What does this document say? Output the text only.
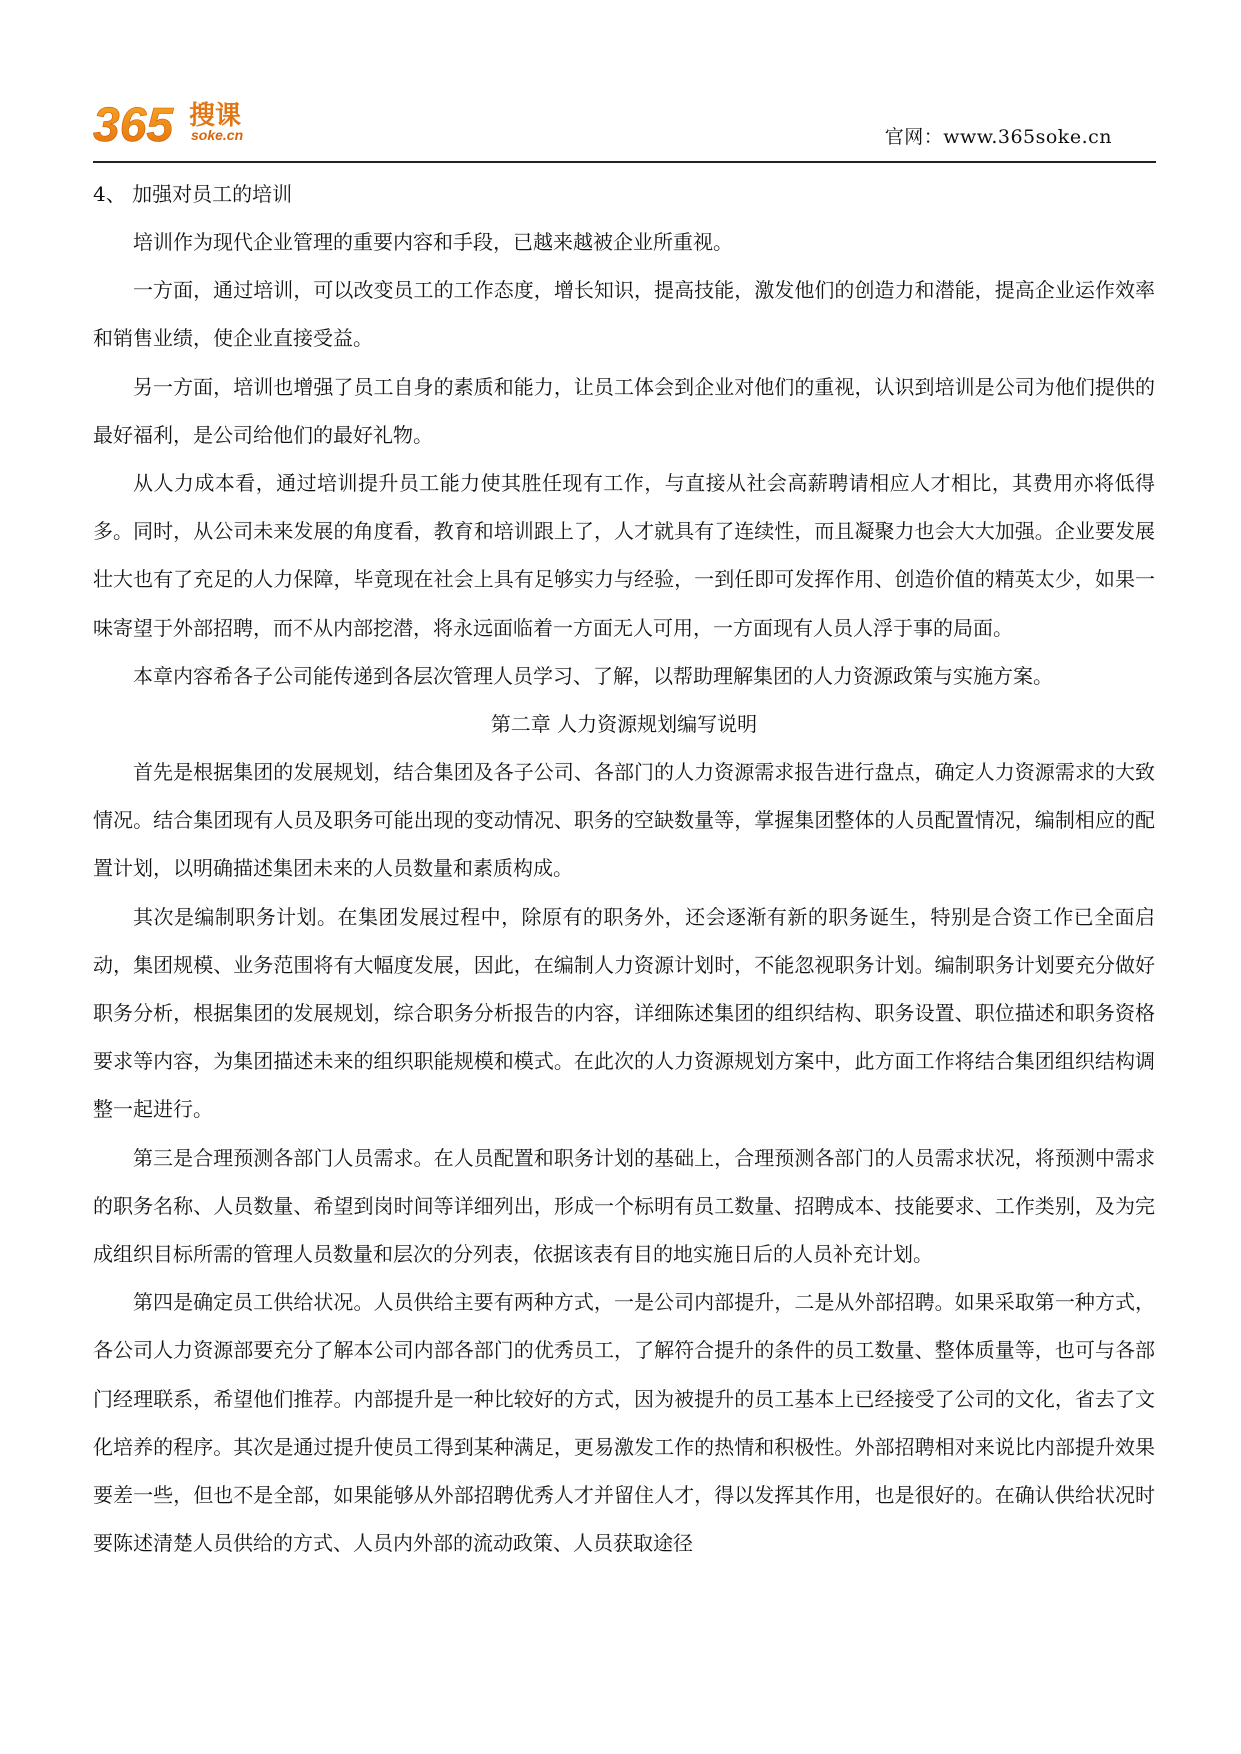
365 搜课
soke.cn	官网：www.365soke.cn

4、 加强对员工的培训

培训作为现代企业管理的重要内容和手段，已越来越被企业所重视。

一方面，通过培训，可以改变员工的工作态度，增长知识，提高技能，激发他们的创造力和潜能，提高企业运作效率和销售业绩，使企业直接受益。

另一方面，培训也增强了员工自身的素质和能力，让员工体会到企业对他们的重视，认识到培训是公司为他们提供的最好福利，是公司给他们的最好礼物。

从人力成本看，通过培训提升员工能力使其胜任现有工作，与直接从社会高薪聘请相应人才相比，其费用亦将低得多。同时，从公司未来发展的角度看，教育和培训跟上了，人才就具有了连续性，而且凝聚力也会大大加强。企业要发展壮大也有了充足的人力保障，毕竟现在社会上具有足够实力与经验，一到任即可发挥作用、创造价值的精英太少，如果一味寄望于外部招聘，而不从内部挖潜，将永远面临着一方面无人可用，一方面现有人员人浮于事的局面。

本章内容希各子公司能传递到各层次管理人员学习、了解，以帮助理解集团的人力资源政策与实施方案。

第二章 人力资源规划编写说明

首先是根据集团的发展规划，结合集团及各子公司、各部门的人力资源需求报告进行盘点，确定人力资源需求的大致情况。结合集团现有人员及职务可能出现的变动情况、职务的空缺数量等，掌握集团整体的人员配置情况，编制相应的配置计划，以明确描述集团未来的人员数量和素质构成。

其次是编制职务计划。在集团发展过程中，除原有的职务外，还会逐渐有新的职务诞生，特别是合资工作已全面启动，集团规模、业务范围将有大幅度发展，因此，在编制人力资源计划时，不能忽视职务计划。编制职务计划要充分做好职务分析，根据集团的发展规划，综合职务分析报告的内容，详细陈述集团的组织结构、职务设置、职位描述和职务资格要求等内容，为集团描述未来的组织职能规模和模式。在此次的人力资源规划方案中，此方面工作将结合集团组织结构调整一起进行。

第三是合理预测各部门人员需求。在人员配置和职务计划的基础上，合理预测各部门的人员需求状况，将预测中需求的职务名称、人员数量、希望到岗时间等详细列出，形成一个标明有员工数量、招聘成本、技能要求、工作类别，及为完成组织目标所需的管理人员数量和层次的分列表，依据该表有目的地实施日后的人员补充计划。

第四是确定员工供给状况。人员供给主要有两种方式，一是公司内部提升，二是从外部招聘。如果采取第一种方式，各公司人力资源部要充分了解本公司内部各部门的优秀员工，了解符合提升的条件的员工数量、整体质量等，也可与各部门经理联系，希望他们推荐。内部提升是一种比较好的方式，因为被提升的员工基本上已经接受了公司的文化，省去了文化培养的程序。其次是通过提升使员工得到某种满足，更易激发工作的热情和积极性。外部招聘相对来说比内部提升效果要差一些，但也不是全部，如果能够从外部招聘优秀人才并留住人才，得以发挥其作用，也是很好的。在确认供给状况时要陈述清楚人员供给的方式、人员内外部的流动政策、人员获取途径
